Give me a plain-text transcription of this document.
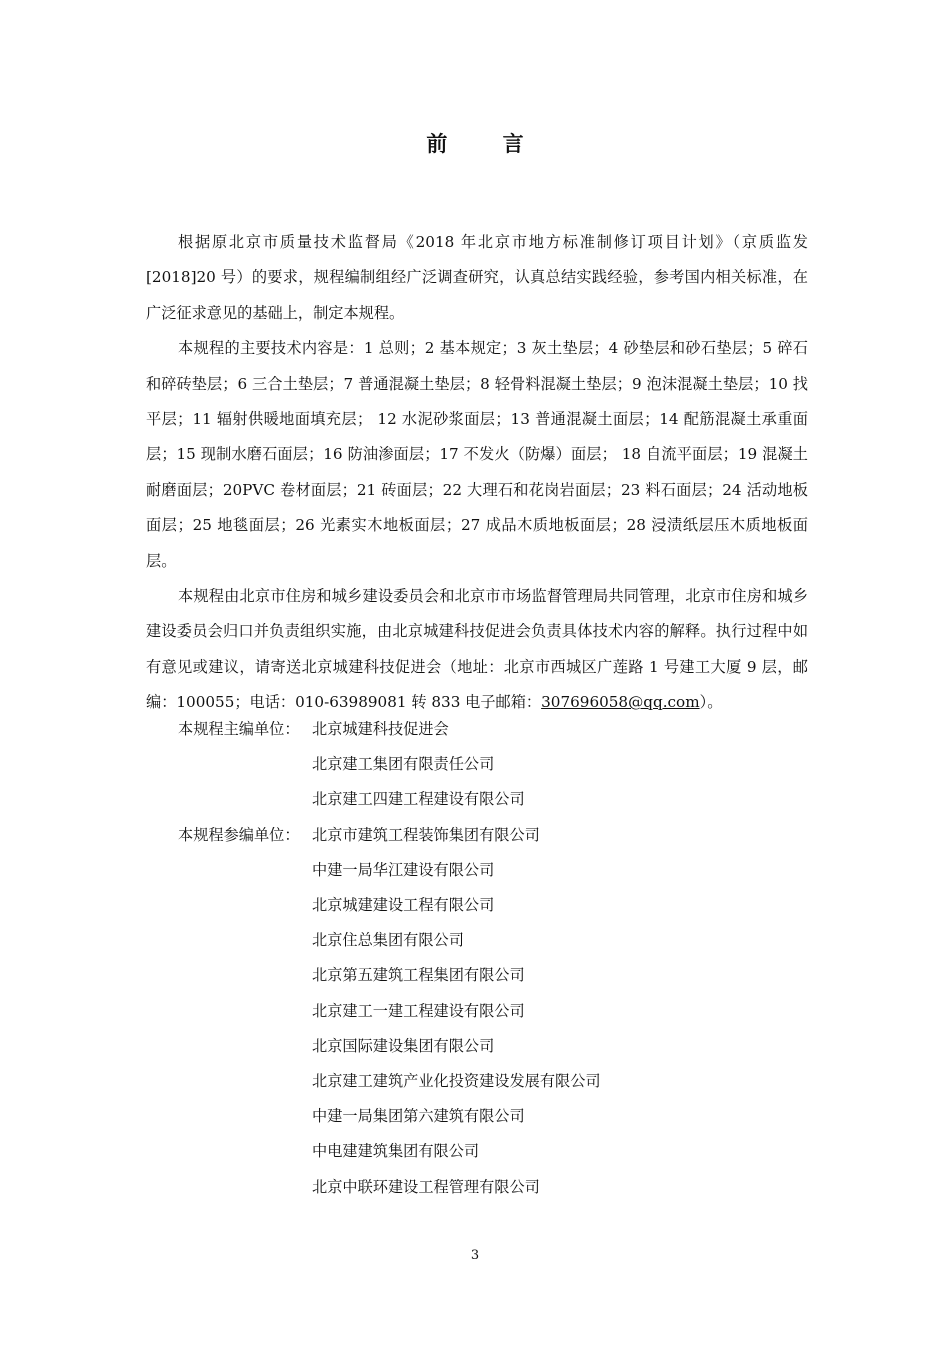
前 言

根据原北京市质量技术监督局《2018 年北京市地方标准制修订项目计划》（京质监发[2018]20 号）的要求，规程编制组经广泛调查研究，认真总结实践经验，参考国内相关标准，在广泛征求意见的基础上，制定本规程。

本规程的主要技术内容是：1 总则；2 基本规定；3 灰土垫层；4 砂垫层和砂石垫层；5 碎石和碎砖垫层；6 三合土垫层；7 普通混凝土垫层；8 轻骨料混凝土垫层；9 泡沫混凝土垫层；10 找平层；11 辐射供暖地面填充层； 12 水泥砂浆面层；13 普通混凝土面层；14 配筋混凝土承重面层；15 现制水磨石面层；16 防油渗面层；17 不发火（防爆）面层； 18 自流平面层；19 混凝土耐磨面层；20PVC 卷材面层；21 砖面层；22 大理石和花岗岩面层；23 料石面层；24 活动地板面层；25 地毯面层；26 光素实木地板面层；27 成品木质地板面层；28 浸渍纸层压木质地板面层。

本规程由北京市住房和城乡建设委员会和北京市市场监督管理局共同管理，北京市住房和城乡建设委员会归口并负责组织实施，由北京城建科技促进会负责具体技术内容的解释。执行过程中如有意见或建议，请寄送北京城建科技促进会（地址：北京市西城区广莲路 1 号建工大厦 9 层，邮编：100055；电话：010-63989081 转 833 电子邮箱：307696058@qq.com）。

本规程主编单位： 北京城建科技促进会
北京建工集团有限责任公司
北京建工四建工程建设有限公司
本规程参编单位： 北京市建筑工程装饰集团有限公司
中建一局华江建设有限公司
北京城建建设工程有限公司
北京住总集团有限公司
北京第五建筑工程集团有限公司
北京建工一建工程建设有限公司
北京国际建设集团有限公司
北京建工建筑产业化投资建设发展有限公司
中建一局集团第六建筑有限公司
中电建建筑集团有限公司
北京中联环建设工程管理有限公司
3
